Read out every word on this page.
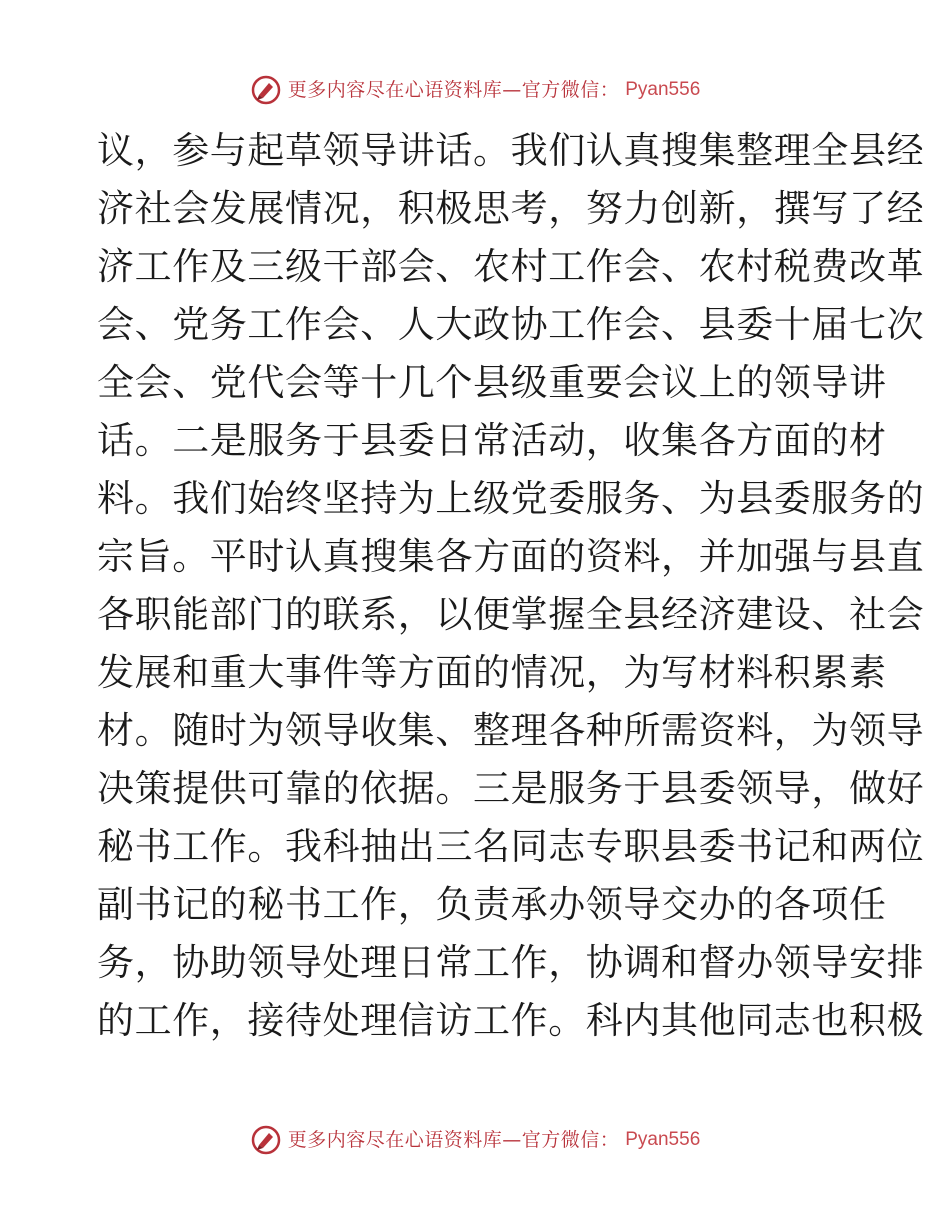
更多内容尽在心语资料库—官方微信： Pyan556
议，参与起草领导讲话。我们认真搜集整理全县经
济社会发展情况，积极思考，努力创新，撰写了经
济工作及三级干部会、农村工作会、农村税费改革
会、党务工作会、人大政协工作会、县委十届七次
全会、党代会等十几个县级重要会议上的领导讲
话。二是服务于县委日常活动，收集各方面的材
料。我们始终坚持为上级党委服务、为县委服务的
宗旨。平时认真搜集各方面的资料，并加强与县直
各职能部门的联系，以便掌握全县经济建设、社会
发展和重大事件等方面的情况，为写材料积累素
材。随时为领导收集、整理各种所需资料，为领导
决策提供可靠的依据。三是服务于县委领导，做好
秘书工作。我科抽出三名同志专职县委书记和两位
副书记的秘书工作，负责承办领导交办的各项任
务，协助领导处理日常工作，协调和督办领导安排
的工作，接待处理信访工作。科内其他同志也积极
更多内容尽在心语资料库—官方微信： Pyan556
